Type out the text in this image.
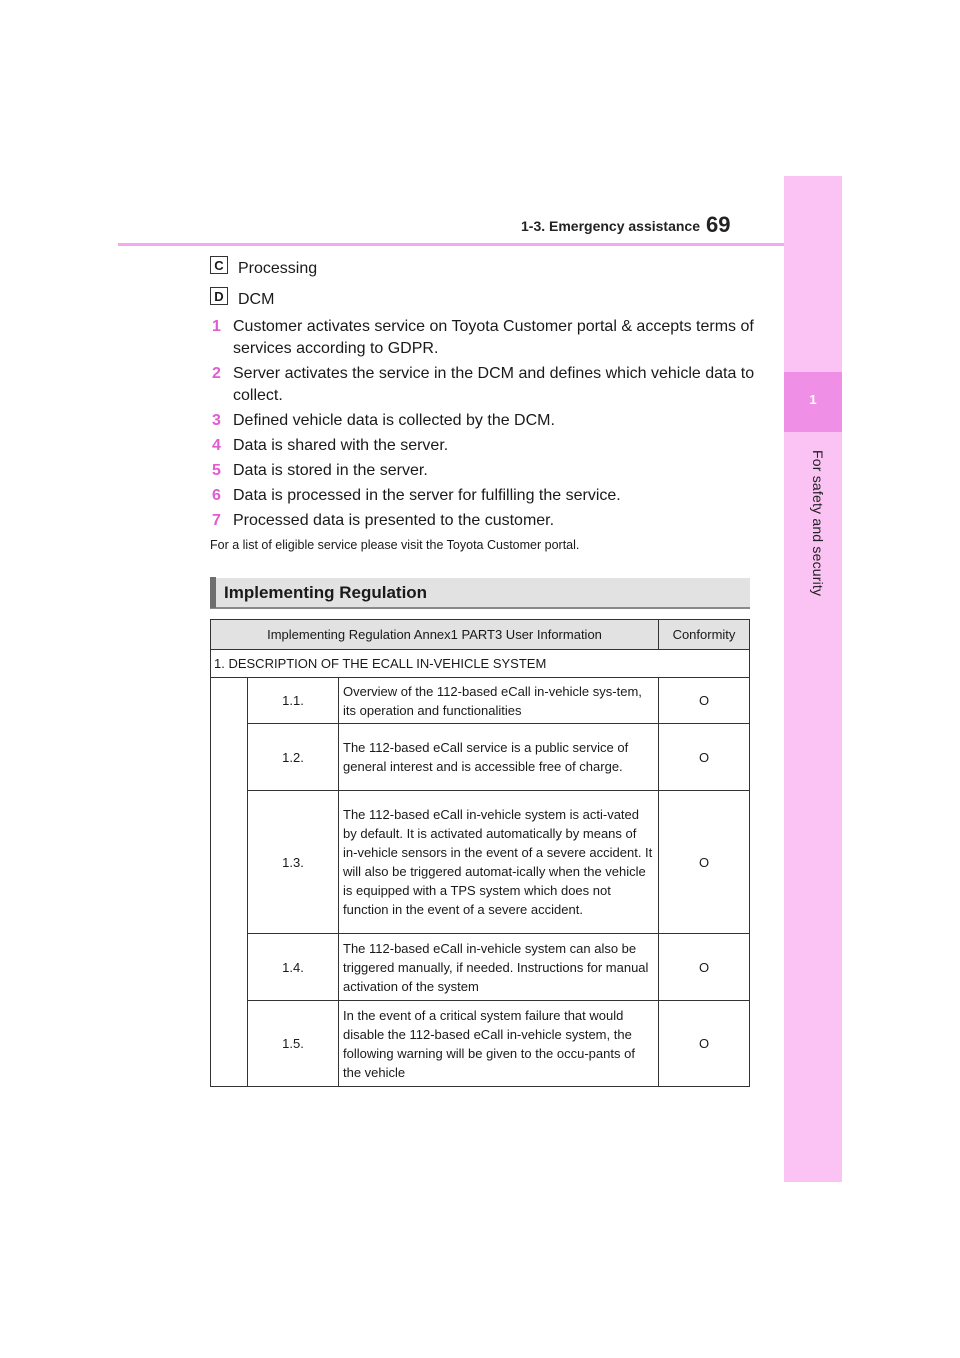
1
For safety and security
1-3. Emergency assistance 69
C Processing
D DCM
1 Customer activates service on Toyota Customer portal & accepts terms of services according to GDPR.
2 Server activates the service in the DCM and defines which vehicle data to collect.
3 Defined vehicle data is collected by the DCM.
4 Data is shared with the server.
5 Data is stored in the server.
6 Data is processed in the server for fulfilling the service.
7 Processed data is presented to the customer.
For a list of eligible service please visit the Toyota Customer portal.
Implementing Regulation
Implementing Regulation Annex1 PART3 User Information			Conformity
1. DESCRIPTION OF THE ECALL IN-VEHICLE SYSTEM			
	1.1.	Overview of the 112-based eCall in-vehicle sys-tem, its operation and functionalities	O
	1.2.	The 112-based eCall service is a public service of general interest and is accessible free of charge.	O
	1.3.	The 112-based eCall in-vehicle system is acti-vated by default. It is activated automatically by means of in-vehicle sensors in the event of a severe accident. It will also be triggered automat-ically when the vehicle is equipped with a TPS system which does not function in the event of a severe accident.	O
	1.4.	The 112-based eCall in-vehicle system can also be triggered manually, if needed. Instructions for manual activation of the system	O
	1.5.	In the event of a critical system failure that would disable the 112-based eCall in-vehicle system, the following warning will be given to the occu-pants of the vehicle	O
